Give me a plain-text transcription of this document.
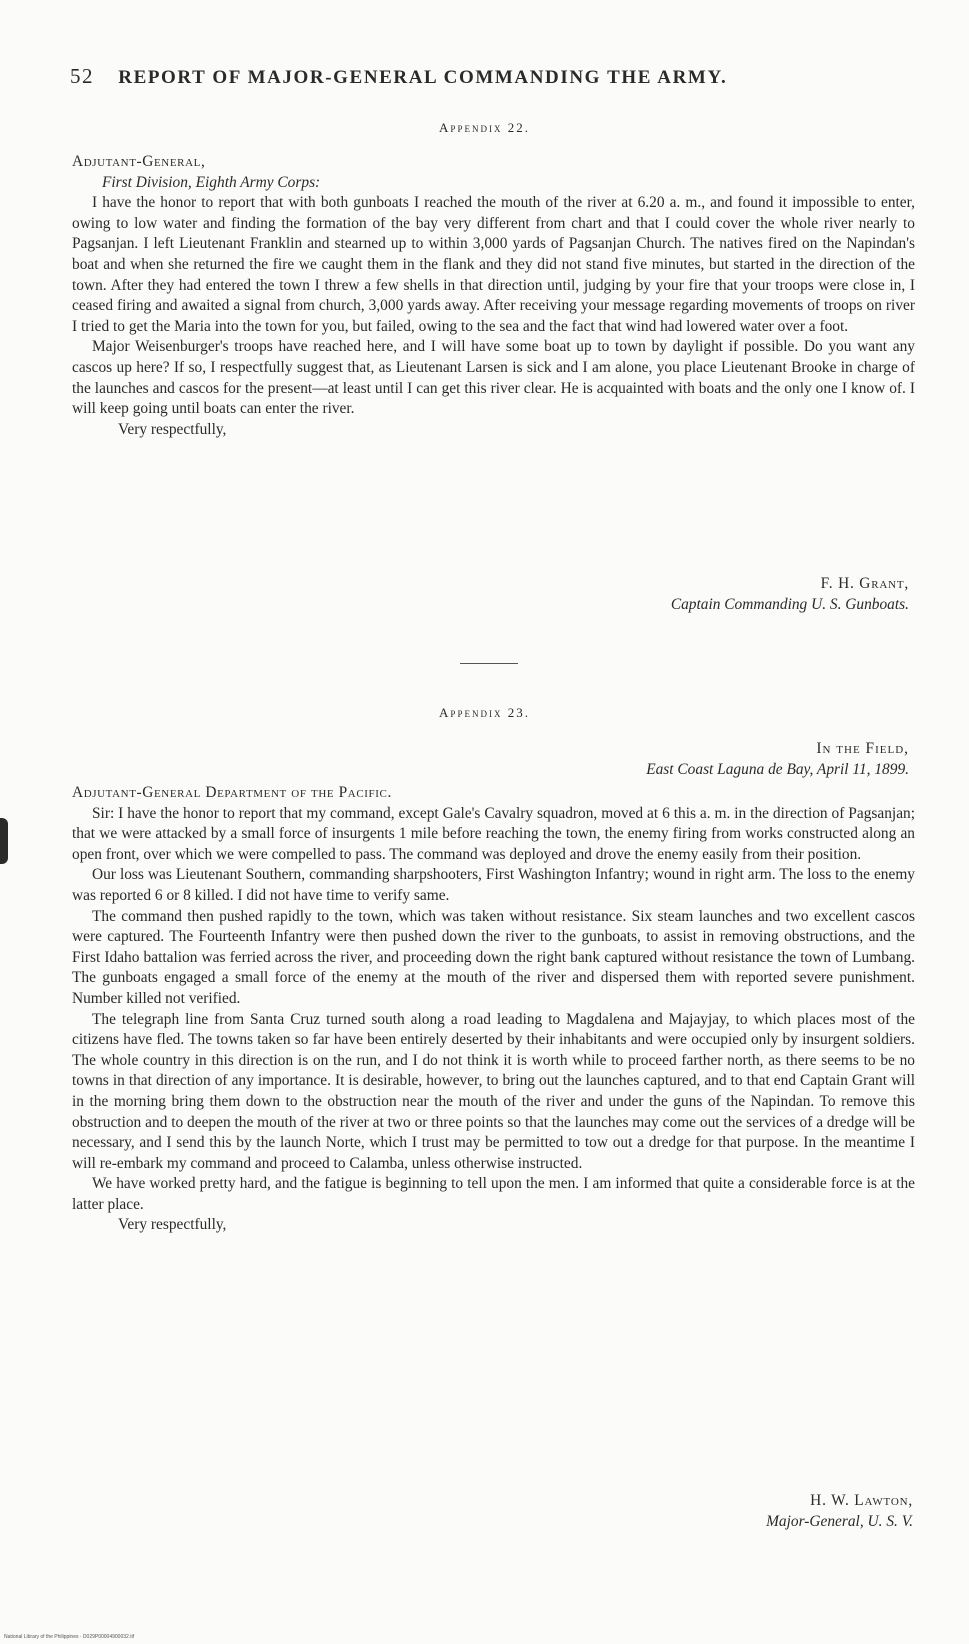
52 REPORT OF MAJOR-GENERAL COMMANDING THE ARMY.
Appendix 22.
Adjutant-General,
First Division, Eighth Army Corps:

I have the honor to report that with both gunboats I reached the mouth of the river at 6.20 a. m., and found it impossible to enter, owing to low water and finding the formation of the bay very different from chart and that I could cover the whole river nearly to Pagsanjan. I left Lieutenant Franklin and stearned up to within 3,000 yards of Pagsanjan Church. The natives fired on the Napindan's boat and when she returned the fire we caught them in the flank and they did not stand five minutes, but started in the direction of the town. After they had entered the town I threw a few shells in that direction until, judging by your fire that your troops were close in, I ceased firing and awaited a signal from church, 3,000 yards away. After receiving your message regarding movements of troops on river I tried to get the Maria into the town for you, but failed, owing to the sea and the fact that wind had lowered water over a foot.

Major Weisenburger's troops have reached here, and I will have some boat up to town by daylight if possible. Do you want any cascos up here? If so, I respectfully suggest that, as Lieutenant Larsen is sick and I am alone, you place Lieutenant Brooke in charge of the launches and cascos for the present—at least until I can get this river clear. He is acquainted with boats and the only one I know of. I will keep going until boats can enter the river.

Very respectfully,
F. H. Grant,
Captain Commanding U. S. Gunboats.
Appendix 23.
In the Field,
East Coast Laguna de Bay, April 11, 1899.
Adjutant-General Department of the Pacific.

Sir: I have the honor to report that my command, except Gale's Cavalry squadron, moved at 6 this a. m. in the direction of Pagsanjan; that we were attacked by a small force of insurgents 1 mile before reaching the town, the enemy firing from works constructed along an open front, over which we were compelled to pass. The command was deployed and drove the enemy easily from their position.

Our loss was Lieutenant Southern, commanding sharpshooters, First Washington Infantry; wound in right arm. The loss to the enemy was reported 6 or 8 killed. I did not have time to verify same.

The command then pushed rapidly to the town, which was taken without resistance. Six steam launches and two excellent cascos were captured. The Fourteenth Infantry were then pushed down the river to the gunboats, to assist in removing obstructions, and the First Idaho battalion was ferried across the river, and proceeding down the right bank captured without resistance the town of Lumbang. The gunboats engaged a small force of the enemy at the mouth of the river and dispersed them with reported severe punishment. Number killed not verified.

The telegraph line from Santa Cruz turned south along a road leading to Magdalena and Majayjay, to which places most of the citizens have fled. The towns taken so far have been entirely deserted by their inhabitants and were occupied only by insurgent soldiers. The whole country in this direction is on the run, and I do not think it is worth while to proceed farther north, as there seems to be no towns in that direction of any importance. It is desirable, however, to bring out the launches captured, and to that end Captain Grant will in the morning bring them down to the obstruction near the mouth of the river and under the guns of the Napindan. To remove this obstruction and to deepen the mouth of the river at two or three points so that the launches may come out the services of a dredge will be necessary, and I send this by the launch Norte, which I trust may be permitted to tow out a dredge for that purpose. In the meantime I will re-embark my command and proceed to Calamba, unless otherwise instructed.

We have worked pretty hard, and the fatigue is beginning to tell upon the men. I am informed that quite a considerable force is at the latter place.

Very respectfully,
H. W. Lawton,
Major-General, U. S. V.
National Library of the Philippines · D029P00004900032.tif
